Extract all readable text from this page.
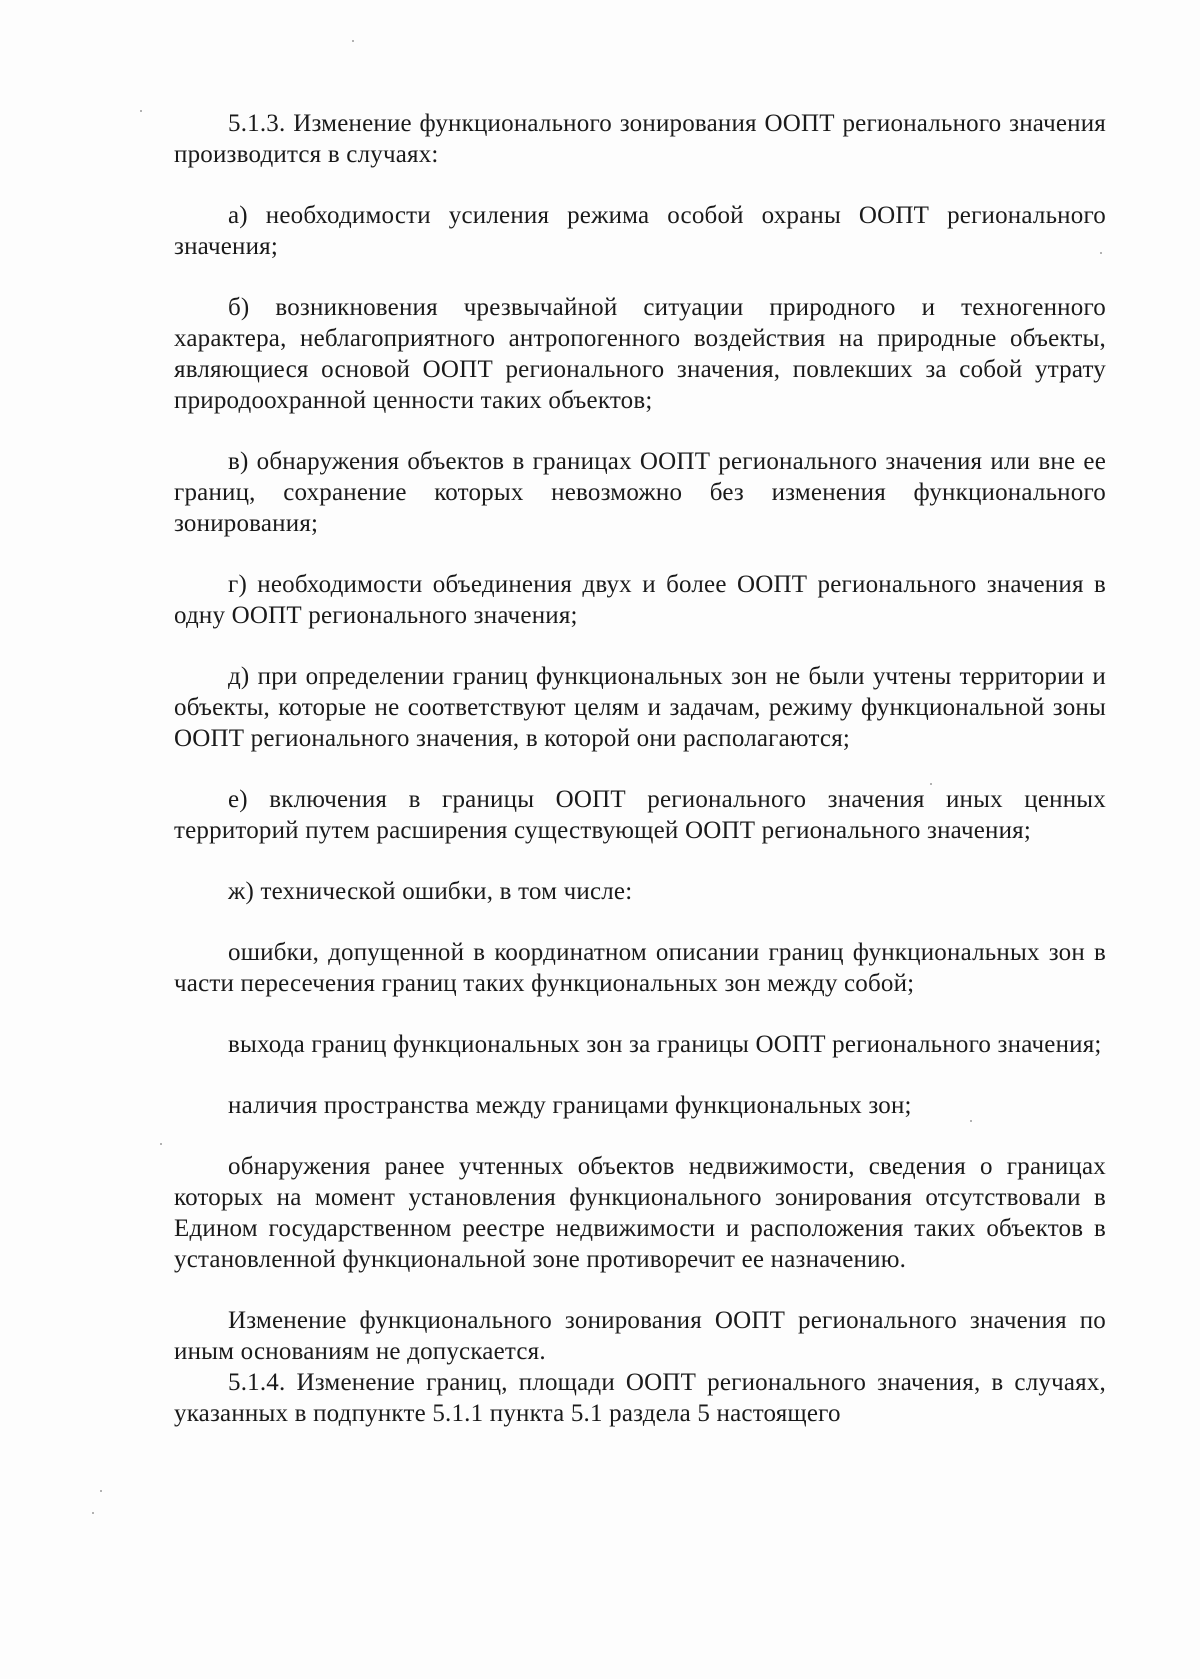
5.1.3. Изменение функционального зонирования ООПТ регионального значения производится в случаях:

а) необходимости усиления режима особой охраны ООПТ регионального значения;

б) возникновения чрезвычайной ситуации природного и техногенного характера, неблагоприятного антропогенного воздействия на природные объекты, являющиеся основой ООПТ регионального значения, повлекших за собой утрату природоохранной ценности таких объектов;

в) обнаружения объектов в границах ООПТ регионального значения или вне ее границ, сохранение которых невозможно без изменения функционального зонирования;

г) необходимости объединения двух и более ООПТ регионального значения в одну ООПТ регионального значения;

д) при определении границ функциональных зон не были учтены территории и объекты, которые не соответствуют целям и задачам, режиму функциональной зоны ООПТ регионального значения, в которой они располагаются;

е) включения в границы ООПТ регионального значения иных ценных территорий путем расширения существующей ООПТ регионального значения;

ж) технической ошибки, в том числе:

ошибки, допущенной в координатном описании границ функциональных зон в части пересечения границ таких функциональных зон между собой;

выхода границ функциональных зон за границы ООПТ регионального значения;

наличия пространства между границами функциональных зон;

обнаружения ранее учтенных объектов недвижимости, сведения о границах которых на момент установления функционального зонирования отсутствовали в Едином государственном реестре недвижимости и расположения таких объектов в установленной функциональной зоне противоречит ее назначению.

Изменение функционального зонирования ООПТ регионального значения по иным основаниям не допускается.

5.1.4. Изменение границ, площади ООПТ регионального значения, в случаях, указанных в подпункте 5.1.1 пункта 5.1 раздела 5 настоящего
